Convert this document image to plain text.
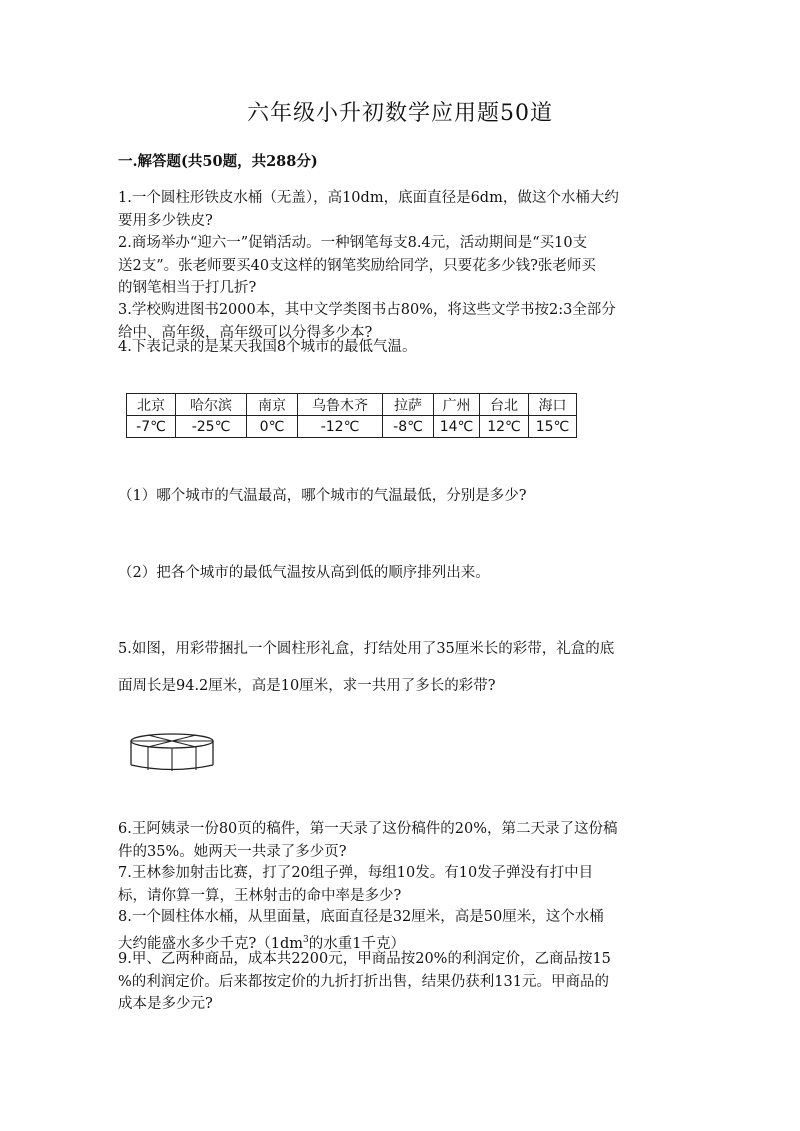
六年级小升初数学应用题50道
一.解答题(共50题，共288分)
1.一个圆柱形铁皮水桶（无盖），高10dm，底面直径是6dm，做这个水桶大约
要用多少铁皮?
2.商场举办“迎六一”促销活动。一种钢笔每支8.4元，活动期间是“买10支
送2支”。张老师要买40支这样的钢笔奖励给同学，只要花多少钱?张老师买
的钢笔相当于打几折?
3.学校购进图书2000本，其中文学类图书占80%，将这些文学书按2:3全部分
给中、高年级，高年级可以分得多少本?
4.下表记录的是某天我国8个城市的最低气温。
北京	哈尔滨	南京	乌鲁木齐	拉萨	广州	台北	海口
-7℃	-25℃	0℃	-12℃	-8℃	14℃	12℃	15℃
（1）哪个城市的气温最高，哪个城市的气温最低，分别是多少?
（2）把各个城市的最低气温按从高到低的顺序排列出来。
5.如图，用彩带捆扎一个圆柱形礼盒，打结处用了35厘米长的彩带，礼盒的底
面周长是94.2厘米，高是10厘米，求一共用了多长的彩带?
6.王阿姨录一份80页的稿件，第一天录了这份稿件的20%，第二天录了这份稿
件的35%。她两天一共录了多少页?
7.王林参加射击比赛，打了20组子弹，每组10发。有10发子弹没有打中目
标，请你算一算，王林射击的命中率是多少?
8.一个圆柱体水桶，从里面量，底面直径是32厘米，高是50厘米，这个水桶
大约能盛水多少千克$?(1dm^3$的水重1千克）
9.甲、乙两种商品，成本共2200元，甲商品按20%的利润定价，乙商品按15
%的利润定价。后来都按定价的九折打折出售，结果仍获利131元。甲商品的
成本是多少元?
